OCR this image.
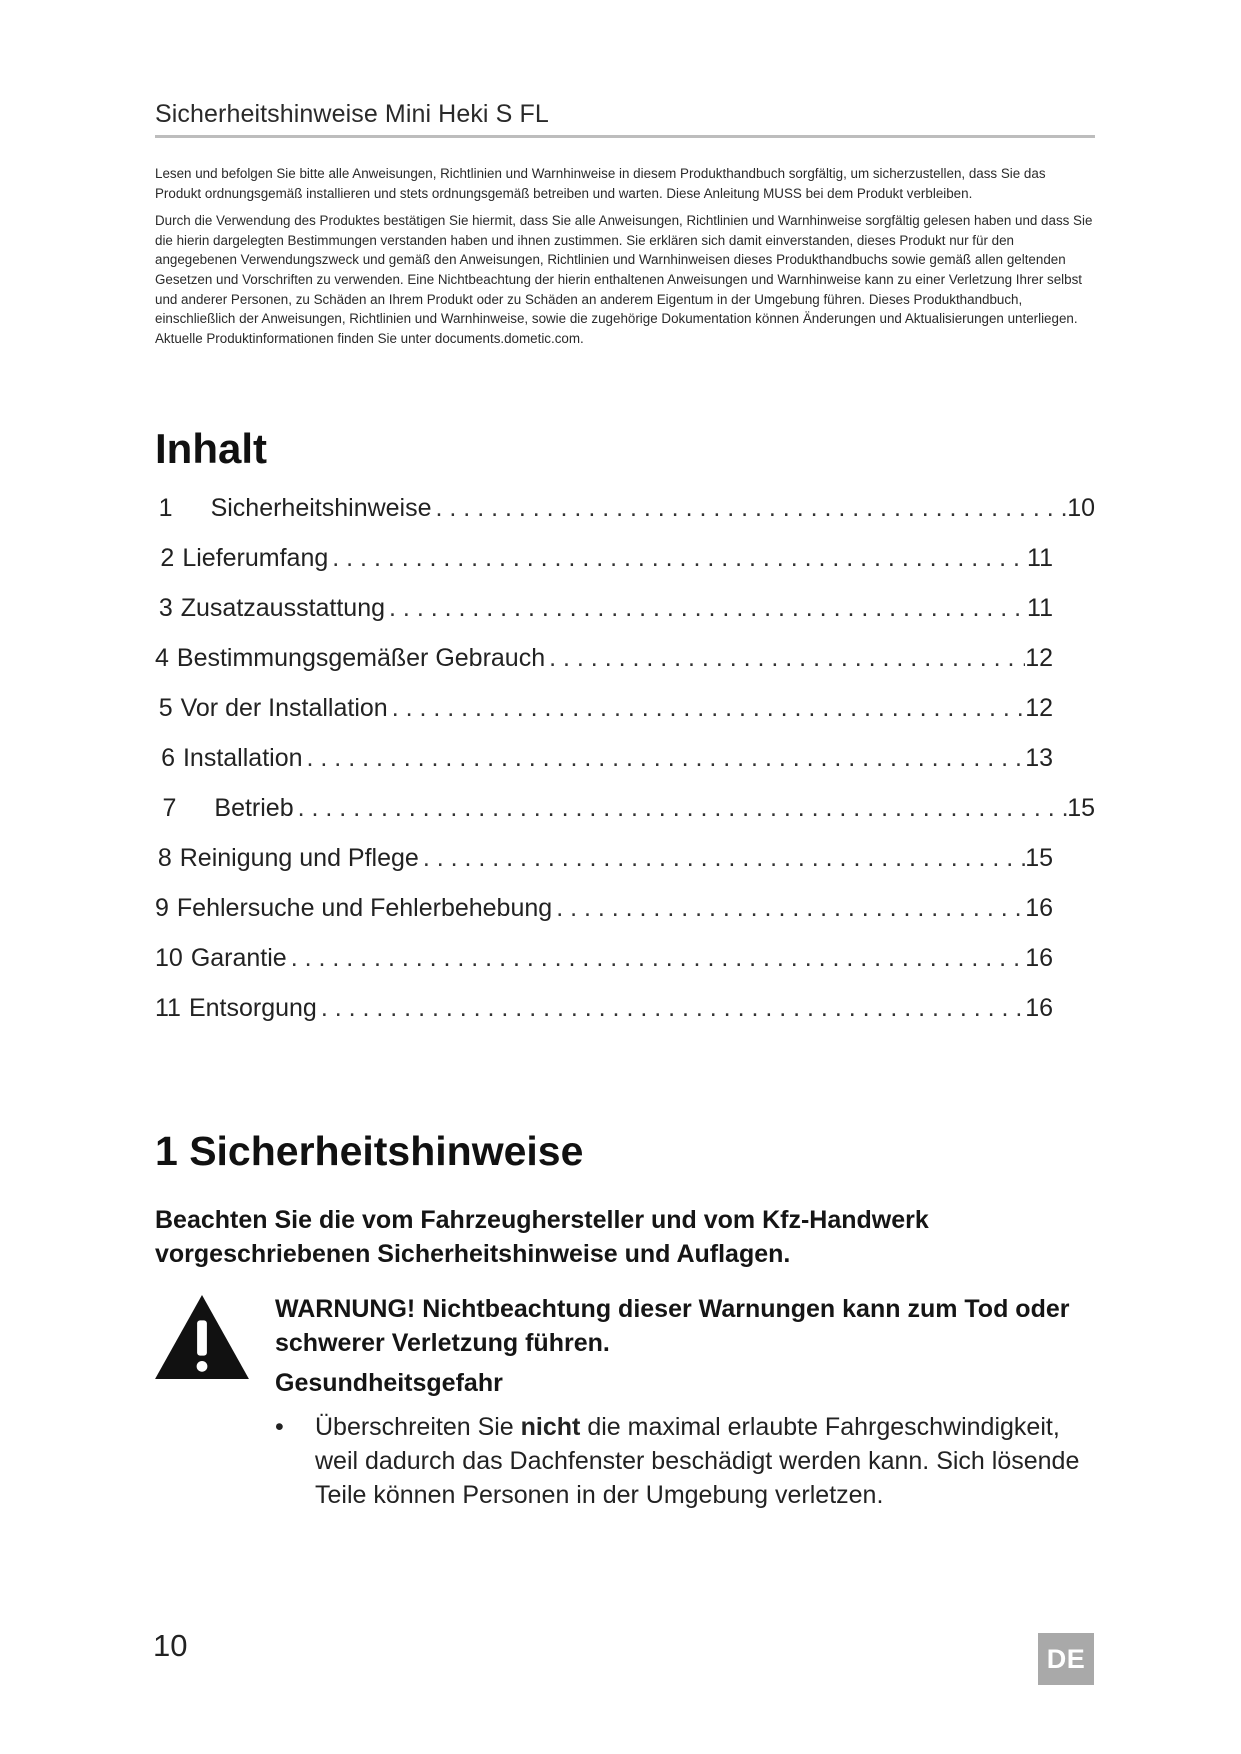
Sicherheitshinweise Mini Heki S FL

Lesen und befolgen Sie bitte alle Anweisungen, Richtlinien und Warnhinweise in diesem Produkthandbuch sorgfältig, um sicherzustellen, dass Sie das Produkt ordnungsgemäß installieren und stets ordnungsgemäß betreiben und warten. Diese Anleitung MUSS bei dem Produkt verbleiben.

Durch die Verwendung des Produktes bestätigen Sie hiermit, dass Sie alle Anweisungen, Richtlinien und Warnhinweise sorgfältig gelesen haben und dass Sie die hierin dargelegten Bestimmungen verstanden haben und ihnen zustimmen. Sie erklären sich damit einverstanden, dieses Produkt nur für den angegebenen Verwendungszweck und gemäß den Anweisungen, Richtlinien und Warnhinweisen dieses Produkthandbuchs sowie gemäß allen geltenden Gesetzen und Vorschriften zu verwenden. Eine Nichtbeachtung der hierin enthaltenen Anweisungen und Warnhinweise kann zu einer Verletzung Ihrer selbst und anderer Personen, zu Schäden an Ihrem Produkt oder zu Schäden an anderem Eigentum in der Umgebung führen. Dieses Produkthandbuch, einschließlich der Anweisungen, Richtlinien und Warnhinweise, sowie die zugehörige Dokumentation können Änderungen und Aktualisierungen unterliegen. Aktuelle Produktinformationen finden Sie unter documents.dometic.com.

Inhalt
1	Sicherheitshinweise . . .	10
2 Lieferumfang . . .	11
3 Zusatzausstattung . . .	11
4 Bestimmungsgemäßer Gebrauch . . .	12
5 Vor der Installation . . .	12
6 Installation . . .	13
7	Betrieb . . .	15
8 Reinigung und Pflege . . .	15
9 Fehlersuche und Fehlerbehebung . . .	16
10 Garantie . . .	16
11 Entsorgung . . .	16
1 Sicherheitshinweise

Beachten Sie die vom Fahrzeughersteller und vom Kfz-Handwerk vorgeschriebenen Sicherheitshinweise und Auflagen.

WARNUNG! Nichtbeachtung dieser Warnungen kann zum Tod oder schwerer Verletzung führen.

Gesundheitsgefahr

• Überschreiten Sie nicht die maximal erlaubte Fahrgeschwindigkeit, weil dadurch das Dachfenster beschädigt werden kann. Sich lösende Teile können Personen in der Umgebung verletzen.
10	DE
